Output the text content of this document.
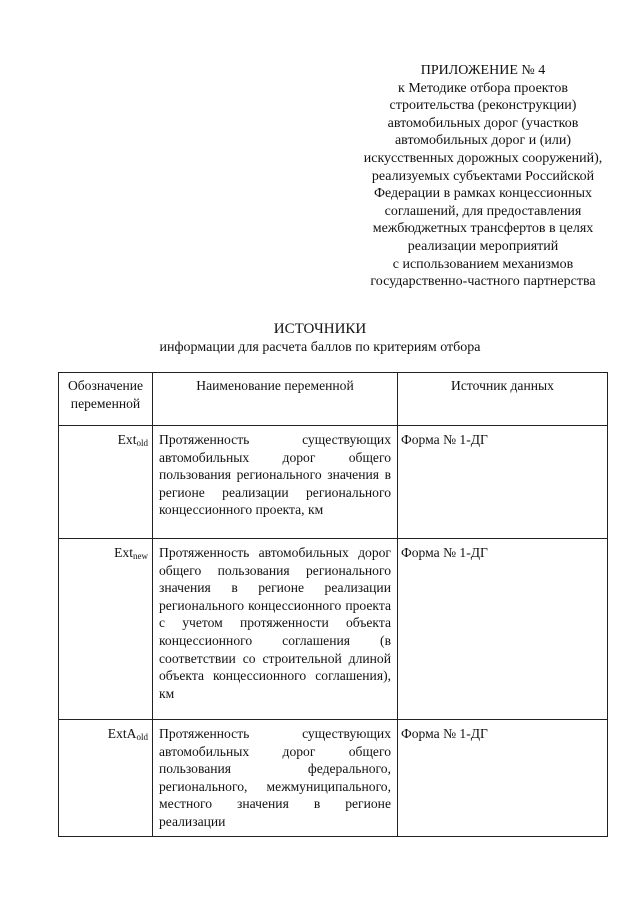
ПРИЛОЖЕНИЕ № 4
к Методике отбора проектов
строительства (реконструкции)
автомобильных дорог (участков
автомобильных дорог и (или)
искусственных дорожных сооружений),
реализуемых субъектами Российской
Федерации в рамках концессионных
соглашений, для предоставления
межбюджетных трансфертов в целях
реализации мероприятий
с использованием механизмов
государственно-частного партнерства
ИСТОЧНИКИ
информации для расчета баллов по критериям отбора
Обозначение переменной	Наименование переменной	Источник данных
Ext$_{old}$	Протяженность существующих автомобильных дорог общего пользования регионального значения в регионе реализации регионального концессионного проекта, км	Форма № 1-ДГ
Ext$_{new}$	Протяженность автомобильных дорог общего пользования регионального значения в регионе реализации регионального концессионного проекта с учетом протяженности объекта концессионного соглашения (в соответствии со строительной длиной объекта концессионного соглашения), км	Форма № 1-ДГ
ExtA$_{old}$	Протяженность существующих автомобильных дорог общего пользования федерального, регионального, межмуниципального, местного значения в регионе реализации	Форма № 1-ДГ
